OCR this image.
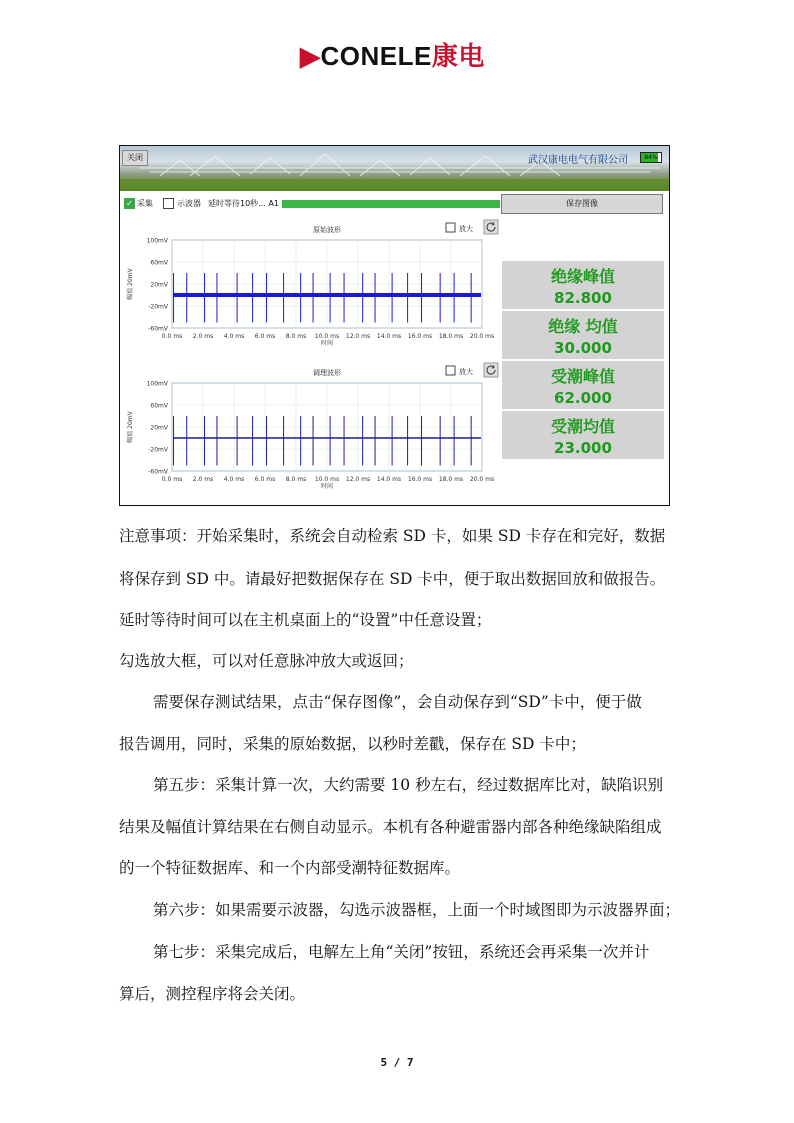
▶CONELE康电
关闭	武汉康电电气有限公司	84%
✓ 采集	示波器 延时等待10秒... A1	保存图像
原始波形	放大
100mV
60mV
20mV
-20mV
-60mV
0.0 ms 2.0 ms 4.0 ms 6.0 ms 8.0 ms 10.0 ms 12.0 ms 14.0 ms 16.0 ms 18.0 ms 20.0 ms
时间
幅值 20mV
调理波形	放大
100mV
60mV
20mV
-20mV
-60mV
0.0 ms 2.0 ms 4.0 ms 6.0 ms 8.0 ms 10.0 ms 12.0 ms 14.0 ms 16.0 ms 18.0 ms 20.0 ms
时间
幅值 20mV
绝缘峰值
82.800
绝缘 均值
30.000
受潮峰值
62.000
受潮均值
23.000
注意事项：开始采集时，系统会自动检索 SD 卡，如果 SD 卡存在和完好，数据
将保存到 SD 中。请最好把数据保存在 SD 卡中，便于取出数据回放和做报告。
延时等待时间可以在主机桌面上的“设置”中任意设置；
勾选放大框，可以对任意脉冲放大或返回；
需要保存测试结果，点击“保存图像”，会自动保存到“SD”卡中，便于做
报告调用，同时，采集的原始数据，以秒时差戳，保存在 SD 卡中；
第五步：采集计算一次，大约需要 10 秒左右，经过数据库比对，缺陷识别
结果及幅值计算结果在右侧自动显示。本机有各种避雷器内部各种绝缘缺陷组成
的一个特征数据库、和一个内部受潮特征数据库。
第六步：如果需要示波器，勾选示波器框，上面一个时域图即为示波器界面；
第七步：采集完成后，电解左上角“关闭”按钮，系统还会再采集一次并计
算后，测控程序将会关闭。
5 / 7
